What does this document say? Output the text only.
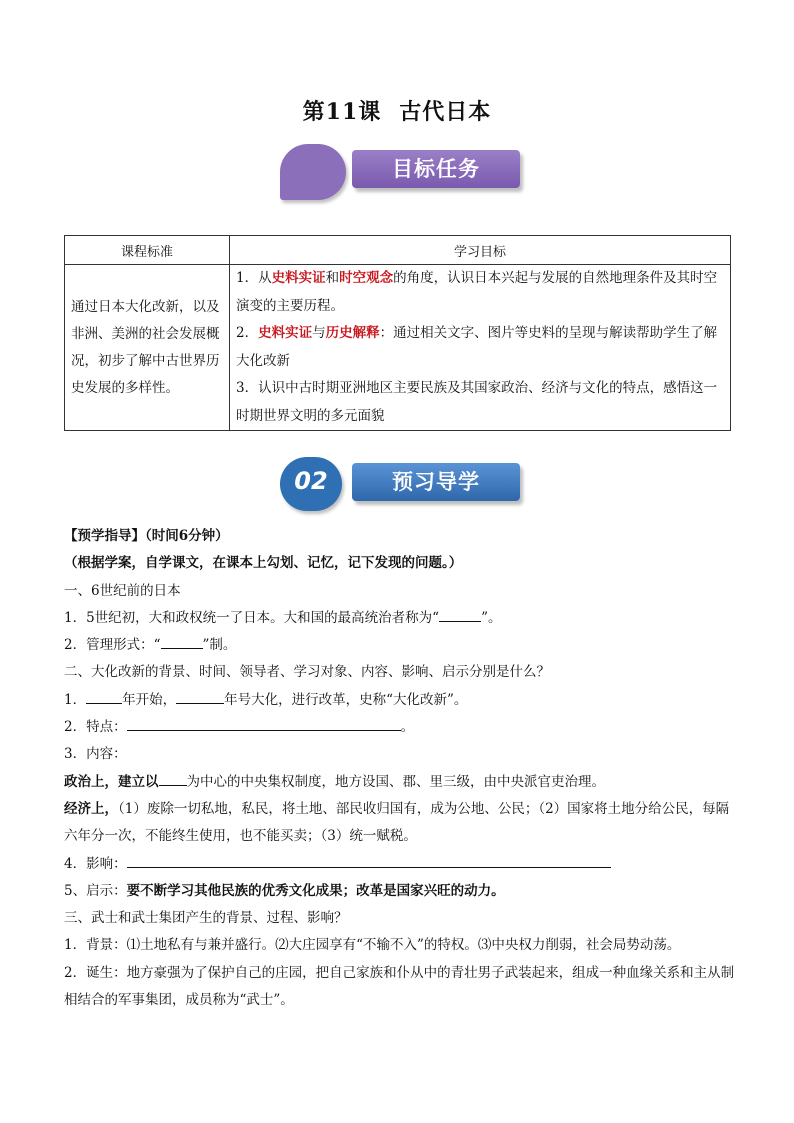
第11课 古代日本
目标任务
课程标准	学习目标
通过日本大化改新，以及非洲、美洲的社会发展概况，初步了解中古世界历史发展的多样性。	1．从史料实证和时空观念的角度，认识日本兴起与发展的自然地理条件及其时空演变的主要历程。
2．史料实证与历史解释：通过相关文字、图片等史料的呈现与解读帮助学生了解大化改新
3．认识中古时期亚洲地区主要民族及其国家政治、经济与文化的特点，感悟这一时期世界文明的多元面貌
02	预习导学

【预学指导】（时间6分钟）

（根据学案，自学课文，在课本上勾划、记忆，记下发现的问题。）

一、6世纪前的日本

1．5世纪初，大和政权统一了日本。大和国的最高统治者称为“	”。

2．管理形式：“	”制。

二、大化改新的背景、时间、领导者、学习对象、内容、影响、启示分别是什么？

1．	年开始，	年号大化，进行改革，史称“大化改新”。

2．特点：	。

3．内容：

政治上，建立以 为中心的中央集权制度，地方设国、郡、里三级，由中央派官吏治理。

经济上，（1）废除一切私地，私民，将土地、部民收归国有，成为公地、公民；（2）国家将土地分给公民，每隔六年分一次，不能终生使用，也不能买卖；（3）统一赋税。

4．影响：

5、启示：要不断学习其他民族的优秀文化成果；改革是国家兴旺的动力。

三、武士和武士集团产生的背景、过程、影响？

1．背景：⑴土地私有与兼并盛行。⑵大庄园享有“不输不入”的特权。⑶中央权力削弱，社会局势动荡。

2．诞生：地方豪强为了保护自己的庄园，把自己家族和仆从中的青壮男子武装起来，组成一种血缘关系和主从制相结合的军事集团，成员称为“武士”。
